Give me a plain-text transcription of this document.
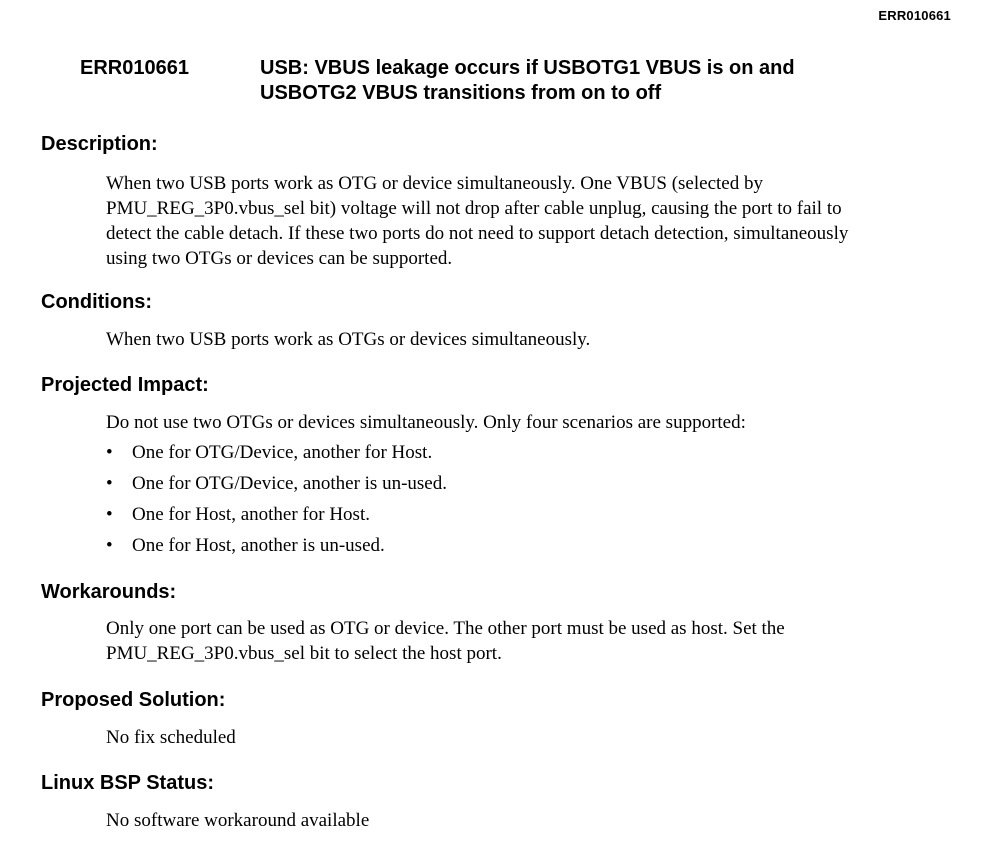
ERR010661
ERR010661	USB: VBUS leakage occurs if USBOTG1 VBUS is on and
USBOTG2 VBUS transitions from on to off
Description:
When two USB ports work as OTG or device simultaneously. One VBUS (selected by
PMU_REG_3P0.vbus_sel bit) voltage will not drop after cable unplug, causing the port to fail to
detect the cable detach. If these two ports do not need to support detach detection, simultaneously
using two OTGs or devices can be supported.
Conditions:
When two USB ports work as OTGs or devices simultaneously.
Projected Impact:
Do not use two OTGs or devices simultaneously. Only four scenarios are supported:
•	One for OTG/Device, another for Host.
•	One for OTG/Device, another is un-used.
•	One for Host, another for Host.
•	One for Host, another is un-used.
Workarounds:
Only one port can be used as OTG or device. The other port must be used as host. Set the
PMU_REG_3P0.vbus_sel bit to select the host port.
Proposed Solution:
No fix scheduled
Linux BSP Status:
No software workaround available
